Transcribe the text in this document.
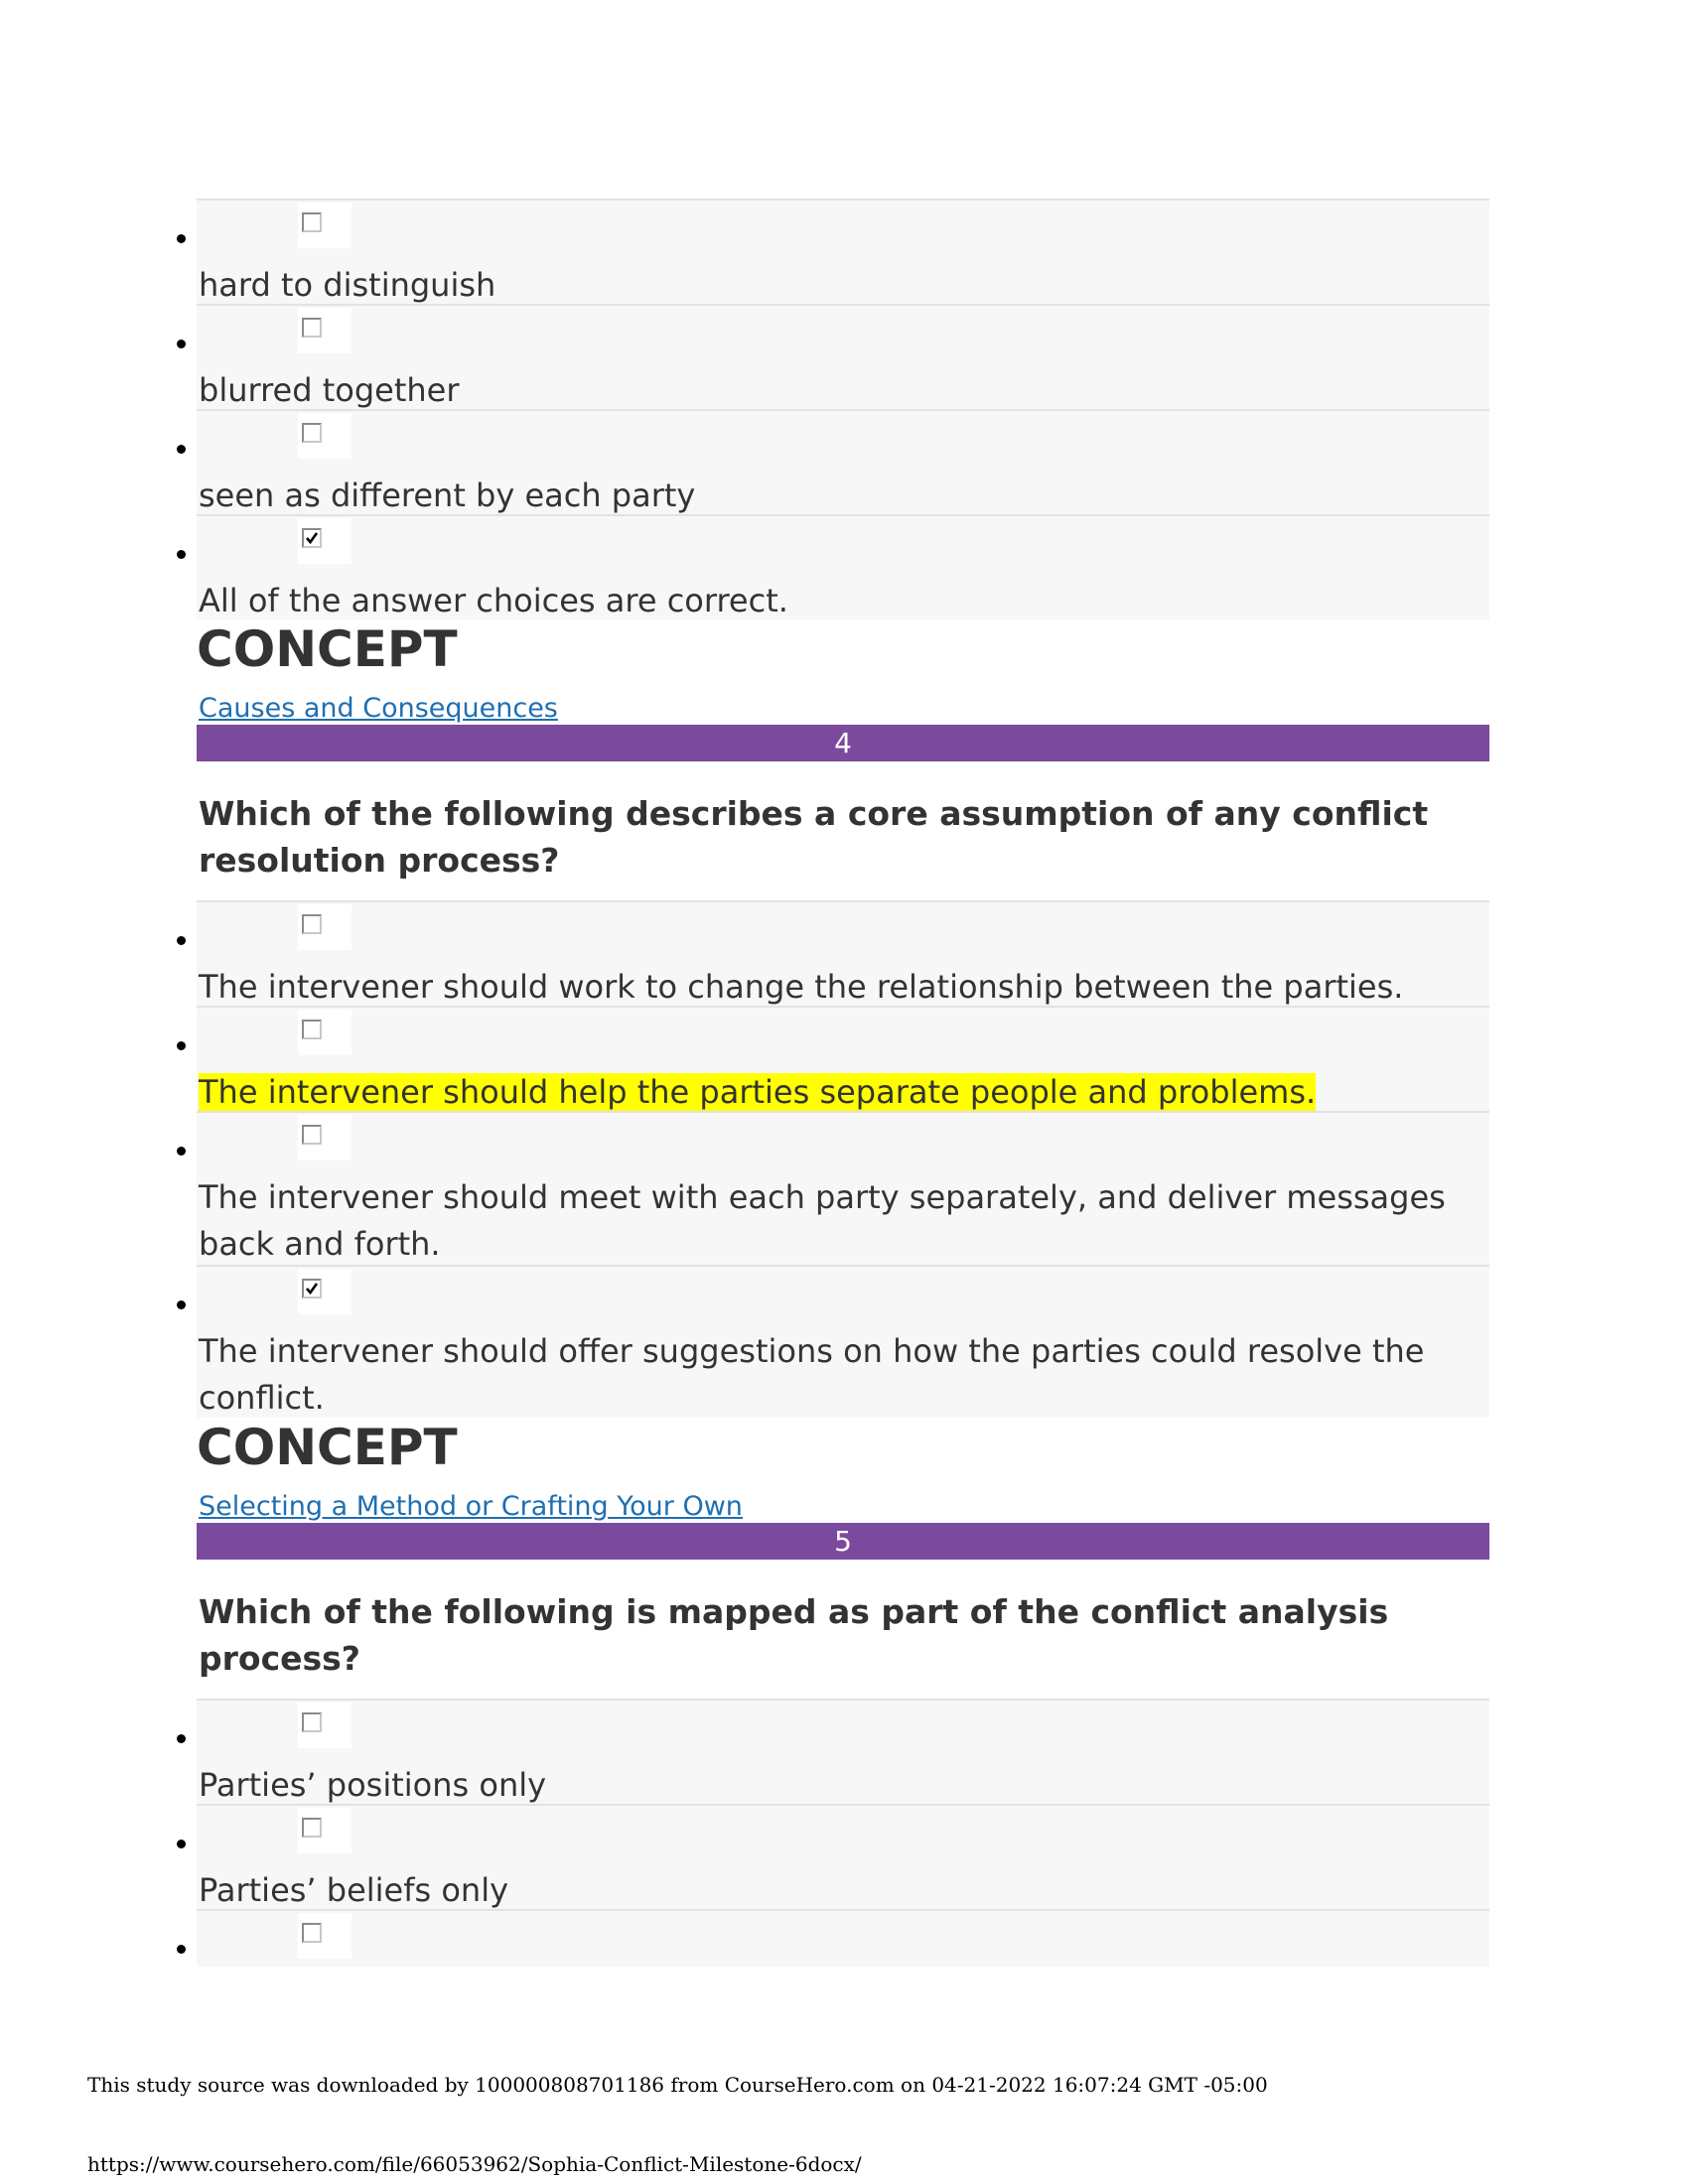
hard to distinguish
blurred together
seen as different by each party
All of the answer choices are correct.
CONCEPT
Causes and Consequences
4
Which of the following describes a core assumption of any conflict resolution process?
The intervener should work to change the relationship between the parties.
The intervener should help the parties separate people and problems.
The intervener should meet with each party separately, and deliver messages back and forth.
The intervener should offer suggestions on how the parties could resolve the conflict.
CONCEPT
Selecting a Method or Crafting Your Own
5
Which of the following is mapped as part of the conflict analysis process?
Parties’ positions only
Parties’ beliefs only
This study source was downloaded by 100000808701186 from CourseHero.com on 04-21-2022 16:07:24 GMT -05:00
https://www.coursehero.com/file/66053962/Sophia-Conflict-Milestone-6docx/
